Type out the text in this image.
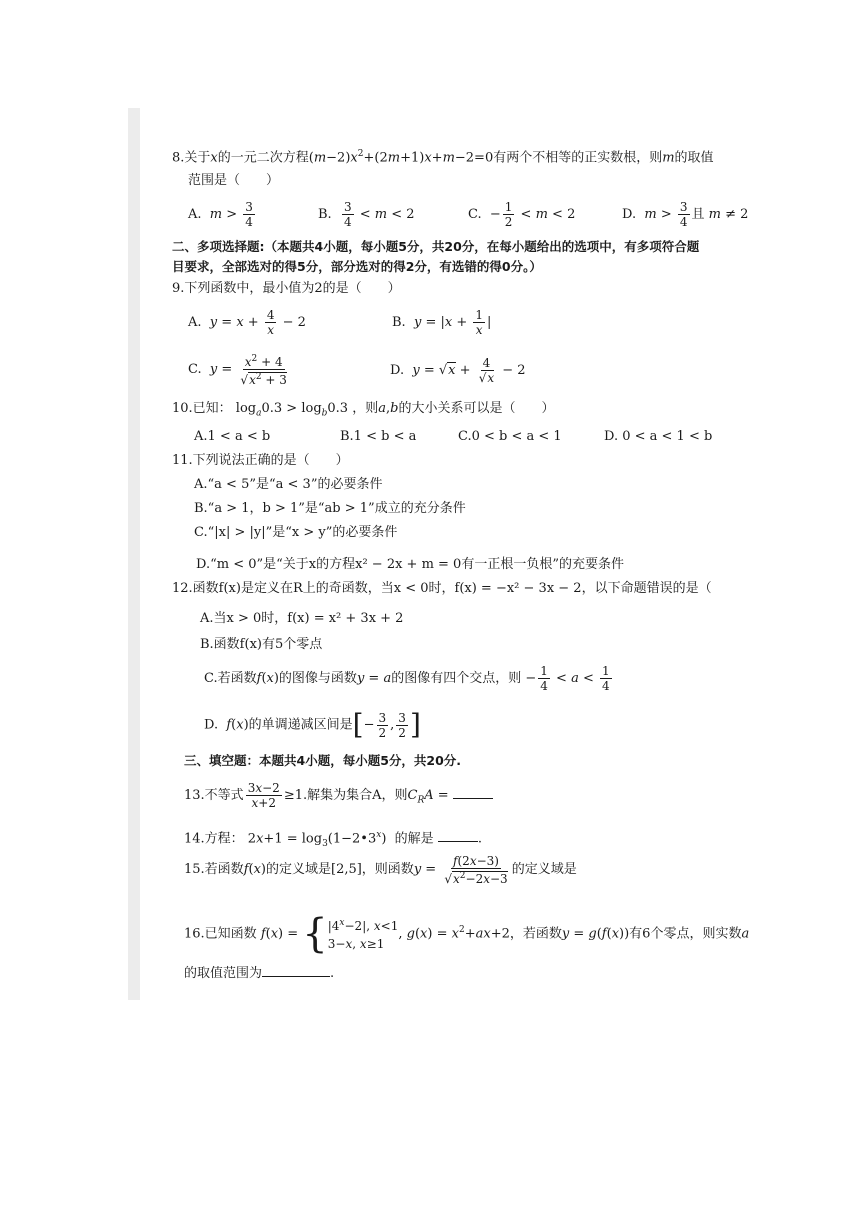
8.关于x的一元二次方程$(m-2)x^2+(2m+1)x+m-2=0$有两个不相等的正实数根，则m的取值
范围是（　　）
A.  $m > \frac{3}{4}$	B. $\frac{3}{4} < m < 2$	C.  − $\frac{1}{2} < m < 2$	D.  $m > \frac{3}{4}$ 且 m ≠ 2
二、多项选择题:（本题共4小题，每小题5分，共20分，在每小题给出的选项中，有多项符合题
目要求，全部选对的得5分，部分选对的得2分，有选错的得0分。）
9.下列函数中，最小值为2的是（　　）
A.  $y = x + \frac{4}{x} - 2$	B.  $y = |x + \frac{1}{x}$ |
C.  $y = \frac{x^2 + 4}{√x^2 + 3}$	D.  $y = √x + \frac{4}{√x} - 2$
10.已知： $\log_a0.3 > \log_b0.3$ ，则a,b的大小关系可以是（　　）
A.1 < a < b	B.1 < b < a	C.0 < b < a < 1	D. 0 < a < 1 < b
11.下列说法正确的是（　　）
A.“a < 5”是“a < 3”的必要条件
B.“a > 1，b > 1”是“ab > 1”成立的充分条件
C.“|x| > |y|”是“x > y”的必要条件
D.“m < 0”是“关于x的方程x² − 2x + m = 0有一正根一负根”的充要条件
12.函数f(x)是定义在R上的奇函数，当x < 0时，f(x) = −x² − 3x − 2，以下命题错误的是（
A.当x > 0时，f(x) = x² + 3x + 2
B.函数f(x)有5个零点
C.若函数f(x)的图像与函数y = a的图像有四个交点，则 − $\frac{1}{4} < a < \frac{1}{4}$
D.  f(x)的单调递减区间是[− $\frac{3}{2}$ , $\frac{3}{2}$ ]
三、填空题：本题共4小题，每小题5分，共20分.
13.不等式 $\frac{3x-2}{x+2} \ge 1$.解集为集合A，则$C_RA$ =
14.方程： $2x+1 = \log_3(1-2•3^x)$  的解是	.
15.若函数f(x)的定义域是[2,5]，则函数$y = \frac{f(2x-3)}{√x^2-2x-3}$ 的定义域是
16.已知函数 f(x) = { $|4^x-2|$, x<1
3−x, x≥1
, $g(x) = x^2+ax+2$，若函数y = g(f(x))有6个零点，则实数a
的取值范围为	.
